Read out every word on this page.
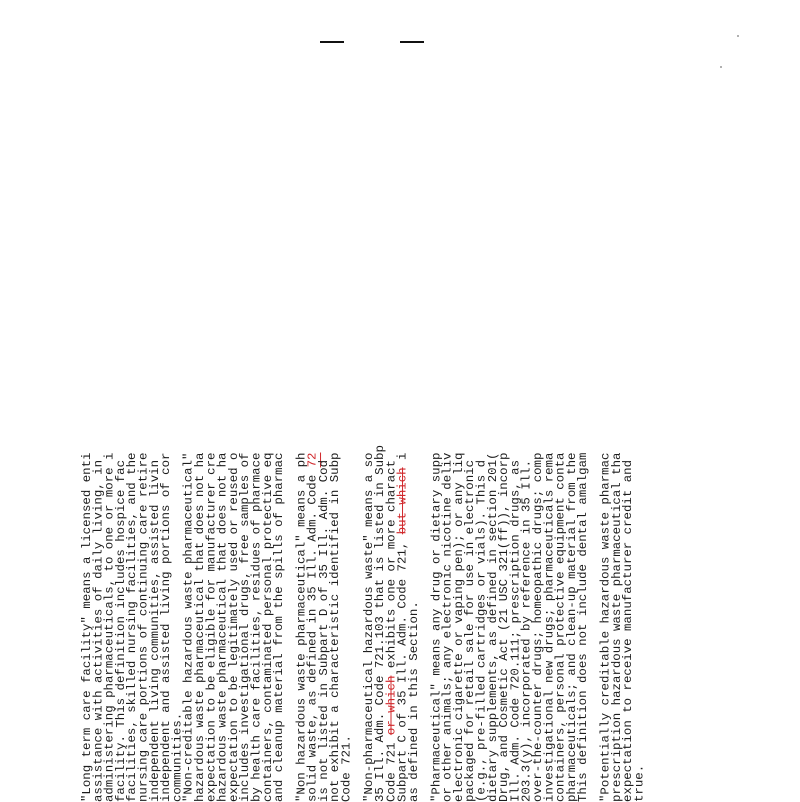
"Long term care facility" means a licensed enti
assistance with activities of daily living, in
administering pharmaceuticals, to one or more i
facility. This definition includes hospice fac
facilities, skilled nursing facilities, and the
nursing care portions of continuing care retire
independent living communities, assisted livin
independent and assisted living portions of cor
communities.
"Non-creditable hazardous waste pharmaceutical"
hazardous waste pharmaceutical that does not ha
expectation to be eligible for manufacturer cre
hazardous waste pharmaceutical that does not ha
expectation to be legitimately used or reused o
includes investigational drugs, free samples of
by health care facilities, residues of pharmace
containers, contaminated personal protective eq
and cleanup material from the spills of pharmac "Non hazardous waste pharmaceutical" means a ph
solid waste, as defined in 35 Ill. Adm. Code 72
is not listed in Subpart D of 35 Ill. Adm. Cod
not exhibit a characteristic identified in Subp
Code 721. "Non-pharmaceutical hazardous waste" means a so
35 Ill. Adm. Code 721.103 that is listed in Subp
Code 721 or which exhibits one or more charact
Subpart C of 35 Ill. Adm. Code 721, but which i
as defined in this Section. "Pharmaceutical" means any drug or dietary supp
or other animals; any electronic nicotine deliv
electronic cigarette or vaping pen); or any liq
packaged for retail sale for use in electronic
(e.g., pre-filled cartridges or vials). This d
dietary supplements, as defined in section 201(
Drug, and Cosmetic Act (21 USC 321(ff)), incorp
Ill. Adm. Code 720.111; prescription drugs, as
203.3(y), incorporated by reference in 35 Ill.
over-the-counter drugs; homeopathic drugs; comp
investigational new drugs; pharmaceuticals rema
containers, personal protective equipment conta
pharmaceuticals; and clean-up material from the
This definition does not include dental amalgam "Potentially creditable hazardous waste pharmac
prescription hazardous waste pharmaceutical tha
expectation to receive manufacturer credit and
true.
